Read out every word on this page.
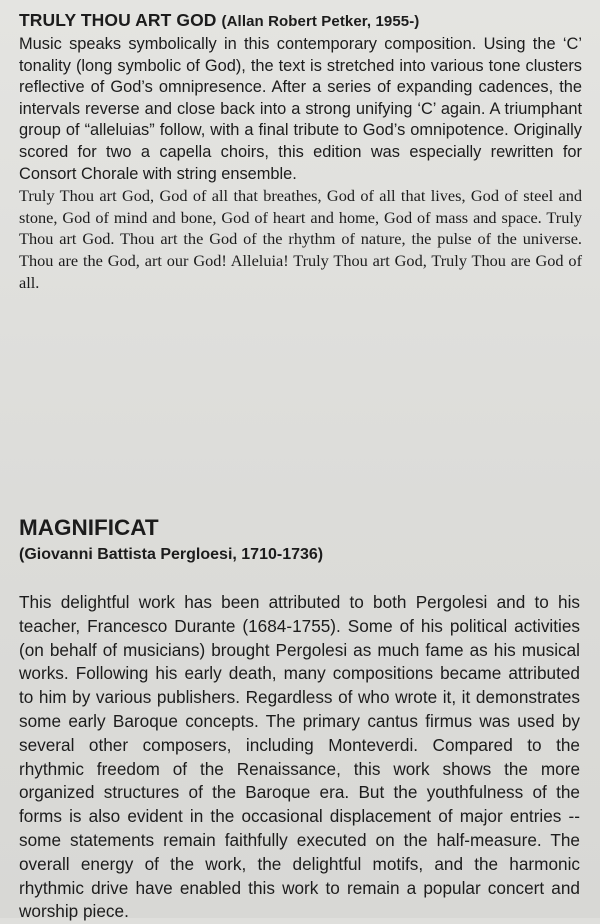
TRULY THOU ART GOD (Allan Robert Petker, 1955-)

Music speaks symbolically in this contemporary composition. Using the ‘C’ tonality (long symbolic of God), the text is stretched into various tone clusters reflective of God’s omnipresence. After a series of expanding cadences, the intervals reverse and close back into a strong unifying ‘C’ again. A triumphant group of “alleluias” follow, with a final tribute to God’s omnipotence. Originally scored for two a capella choirs, this edition was especially rewritten for Consort Chorale with string ensemble.

Truly Thou art God, God of all that breathes, God of all that lives, God of steel and stone, God of mind and bone, God of heart and home, God of mass and space. Truly Thou art God. Thou art the God of the rhythm of nature, the pulse of the universe. Thou are the God, art our God! Alleluia! Truly Thou art God, Truly Thou are God of all.

MAGNIFICAT

(Giovanni Battista Pergloesi, 1710-1736)

This delightful work has been attributed to both Pergolesi and to his teacher, Francesco Durante (1684-1755). Some of his political activities (on behalf of musicians) brought Pergolesi as much fame as his musical works. Following his early death, many compositions became attributed to him by various publishers. Regardless of who wrote it, it demonstrates some early Baroque concepts. The primary cantus firmus was used by several other composers, including Monteverdi. Compared to the rhythmic freedom of the Renaissance, this work shows the more organized structures of the Baroque era. But the youthfulness of the forms is also evident in the occasional displacement of major entries -- some statements remain faithfully executed on the half-measure. The overall energy of the work, the delightful motifs, and the harmonic rhythmic drive have enabled this work to remain a popular concert and worship piece.
